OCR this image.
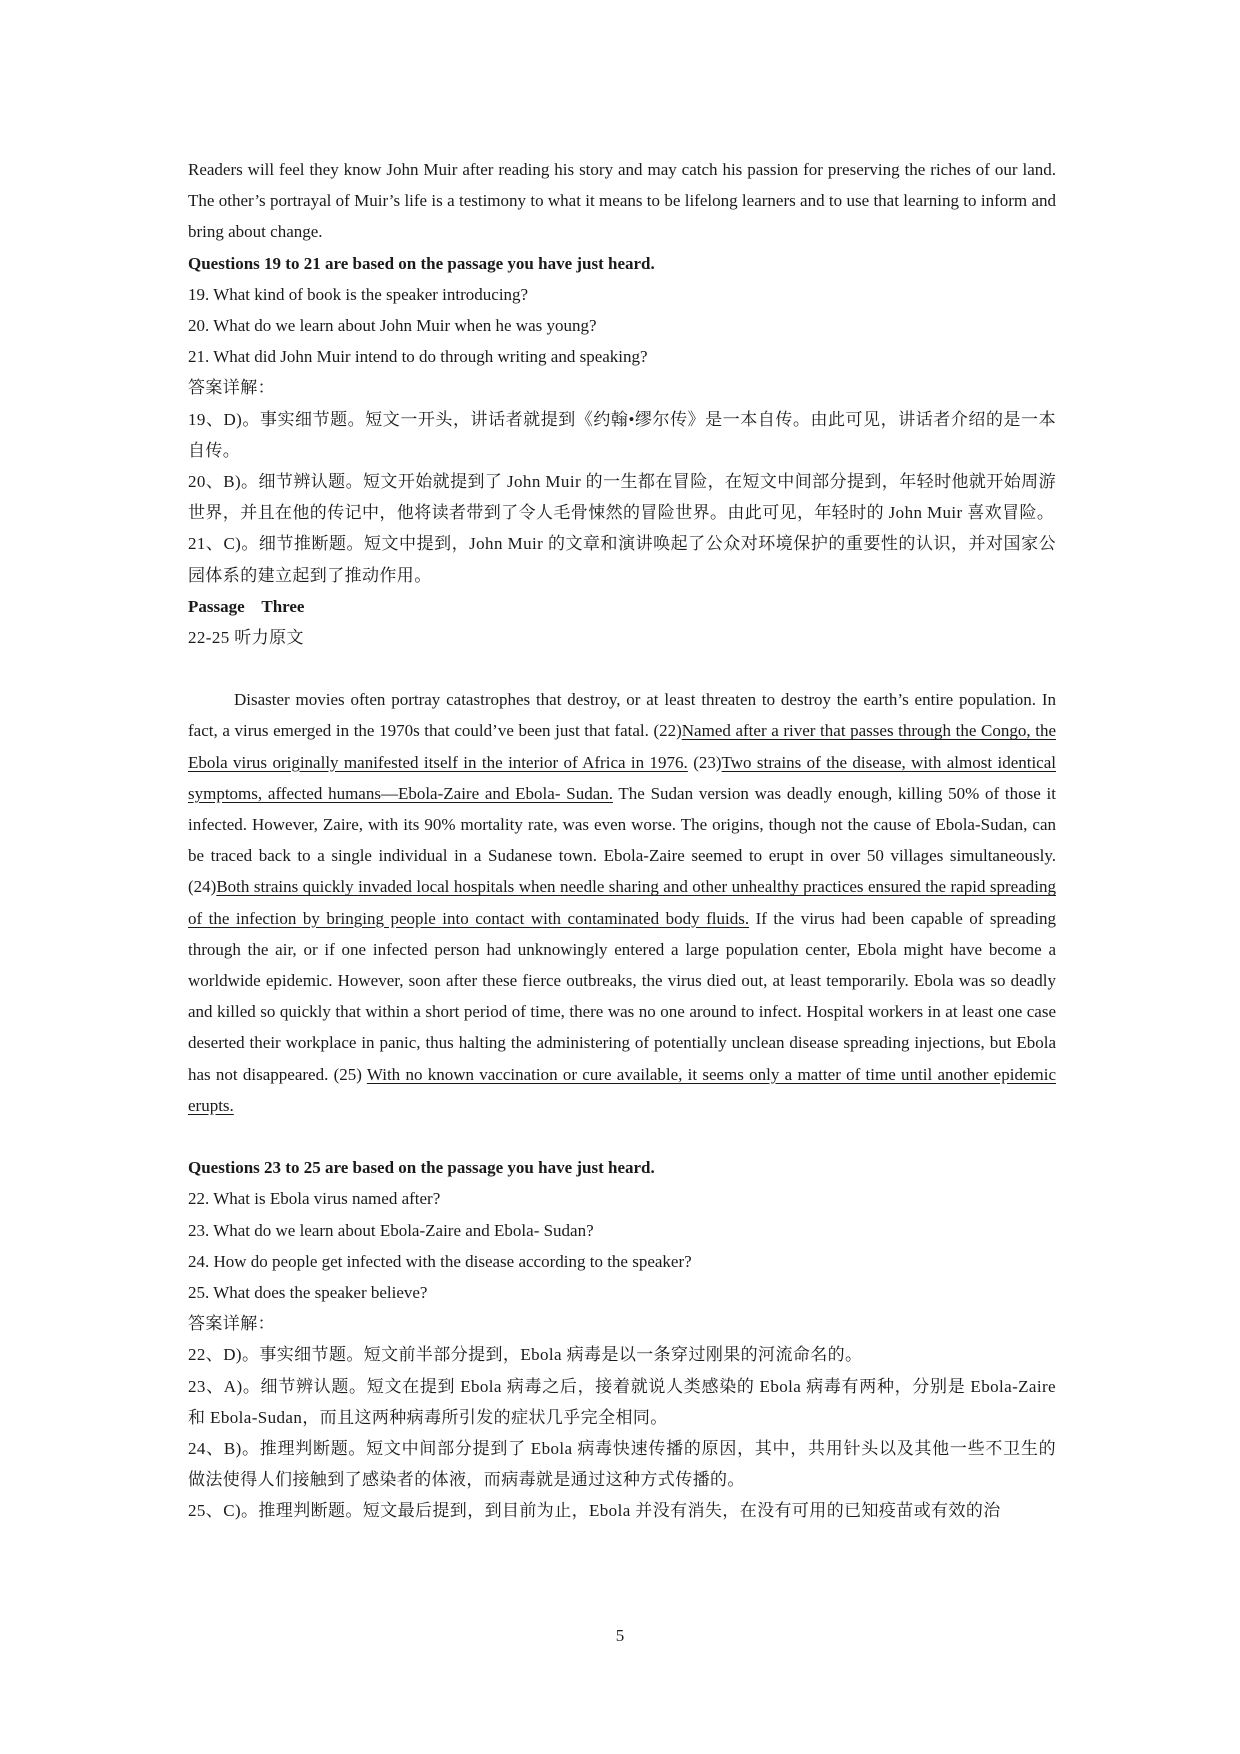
Readers will feel they know John Muir after reading his story and may catch his passion for preserving the riches of our land. The other’s portrayal of Muir’s life is a testimony to what it means to be lifelong learners and to use that learning to inform and bring about change.

Questions 19 to 21 are based on the passage you have just heard.

19. What kind of book is the speaker introducing?

20. What do we learn about John Muir when he was young?

21. What did John Muir intend to do through writing and speaking?

答案详解：

19、D)。事实细节题。短文一开头，讲话者就提到《约翰•缪尔传》是一本自传。由此可见，讲话者介绍的是一本自传。

20、B)。细节辨认题。短文开始就提到了 John Muir 的一生都在冒险，在短文中间部分提到，年轻时他就开始周游世界，并且在他的传记中，他将读者带到了令人毛骨悚然的冒险世界。由此可见，年轻时的 John Muir 喜欢冒险。

21、C)。细节推断题。短文中提到，John Muir 的文章和演讲唤起了公众对环境保护的重要性的认识，并对国家公园体系的建立起到了推动作用。

Passage    Three

22-25 听力原文

Disaster movies often portray catastrophes that destroy, or at least threaten to destroy the earth’s entire population. In fact, a virus emerged in the 1970s that could’ve been just that fatal. (22)Named after a river that passes through the Congo, the Ebola virus originally manifested itself in the interior of Africa in 1976. (23)Two strains of the disease, with almost identical symptoms, affected humans—Ebola-Zaire and Ebola- Sudan. The Sudan version was deadly enough, killing 50% of those it infected. However, Zaire, with its 90% mortality rate, was even worse. The origins, though not the cause of Ebola-Sudan, can be traced back to a single individual in a Sudanese town. Ebola-Zaire seemed to erupt in over 50 villages simultaneously. (24)Both strains quickly invaded local hospitals when needle sharing and other unhealthy practices ensured the rapid spreading of the infection by bringing people into contact with contaminated body fluids. If the virus had been capable of spreading through the air, or if one infected person had unknowingly entered a large population center, Ebola might have become a worldwide epidemic. However, soon after these fierce outbreaks, the virus died out, at least temporarily. Ebola was so deadly and killed so quickly that within a short period of time, there was no one around to infect. Hospital workers in at least one case deserted their workplace in panic, thus halting the administering of potentially unclean disease spreading injections, but Ebola has not disappeared. (25) With no known vaccination or cure available, it seems only a matter of time until another epidemic erupts.

Questions 23 to 25 are based on the passage you have just heard.

22. What is Ebola virus named after?

23. What do we learn about Ebola-Zaire and Ebola- Sudan?

24. How do people get infected with the disease according to the speaker?

25. What does the speaker believe?

答案详解：

22、D)。事实细节题。短文前半部分提到，Ebola 病毒是以一条穿过刚果的河流命名的。

23、A)。细节辨认题。短文在提到 Ebola 病毒之后，接着就说人类感染的 Ebola 病毒有两种，分别是 Ebola-Zaire 和 Ebola-Sudan，而且这两种病毒所引发的症状几乎完全相同。

24、B)。推理判断题。短文中间部分提到了 Ebola 病毒快速传播的原因，其中，共用针头以及其他一些不卫生的做法使得人们接触到了感染者的体液，而病毒就是通过这种方式传播的。

25、C)。推理判断题。短文最后提到，到目前为止，Ebola 并没有消失，在没有可用的已知疫苗或有效的治

5
